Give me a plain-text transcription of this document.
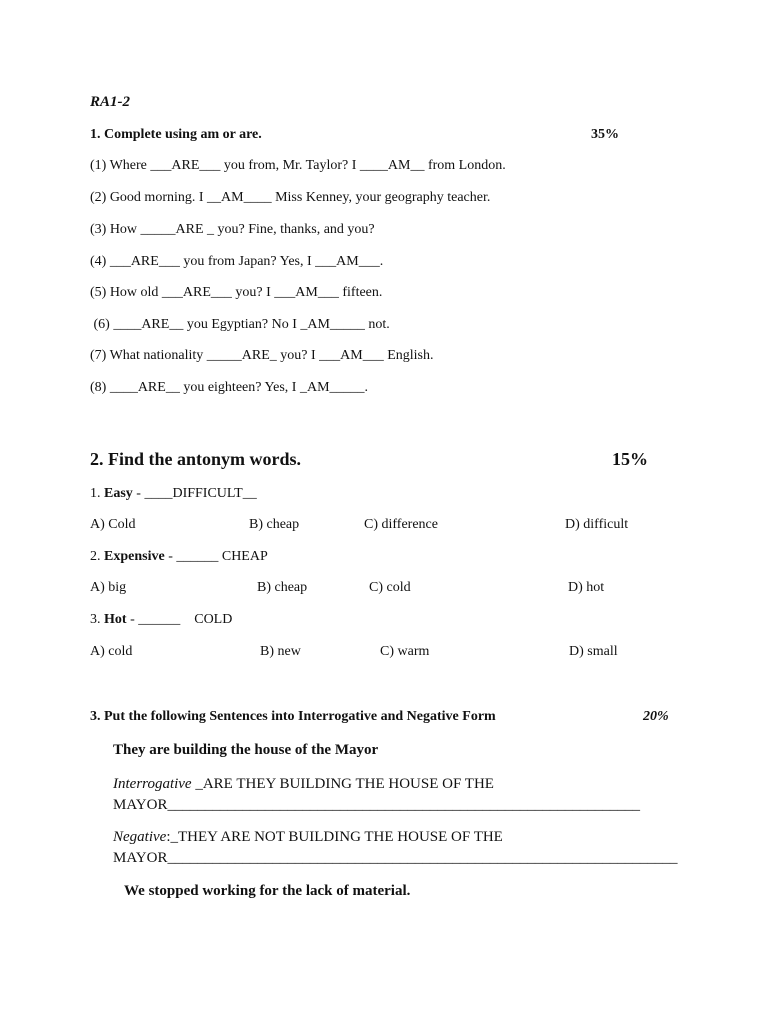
RA1-2
1. Complete using am or are.	35%
(1) Where ___ARE___ you from, Mr. Taylor? I ____AM__ from London.
(2) Good morning. I __AM____ Miss Kenney, your geography teacher.
(3) How _____ARE _ you? Fine, thanks, and you?
(4) ___ARE___ you from Japan? Yes, I ___AM___.
(5) How old ___ARE___ you? I ___AM___ fifteen.
(6) ____ARE__ you Egyptian? No I _AM_____ not.
(7) What nationality _____ARE_ you? I ___AM___ English.
(8) ____ARE__ you eighteen? Yes, I _AM_____.
2. Find the antonym words.	15%
1. Easy - ____DIFFICULT__
A) Cold	B) cheap	C) difference	D) difficult
2. Expensive - ______ CHEAP
A) big	B) cheap	C) cold	D) hot
3. Hot - ______    COLD
A) cold	B) new	C) warm	D) small
3. Put the following Sentences into Interrogative and Negative Form	20%
They are building the house of the Mayor
Interrogative _ARE THEY BUILDING THE HOUSE OF THE
MAYOR_______________________________________________________________
Negative:_THEY ARE NOT BUILDING THE HOUSE OF THE
MAYOR____________________________________________________________________
We stopped working for the lack of material.
